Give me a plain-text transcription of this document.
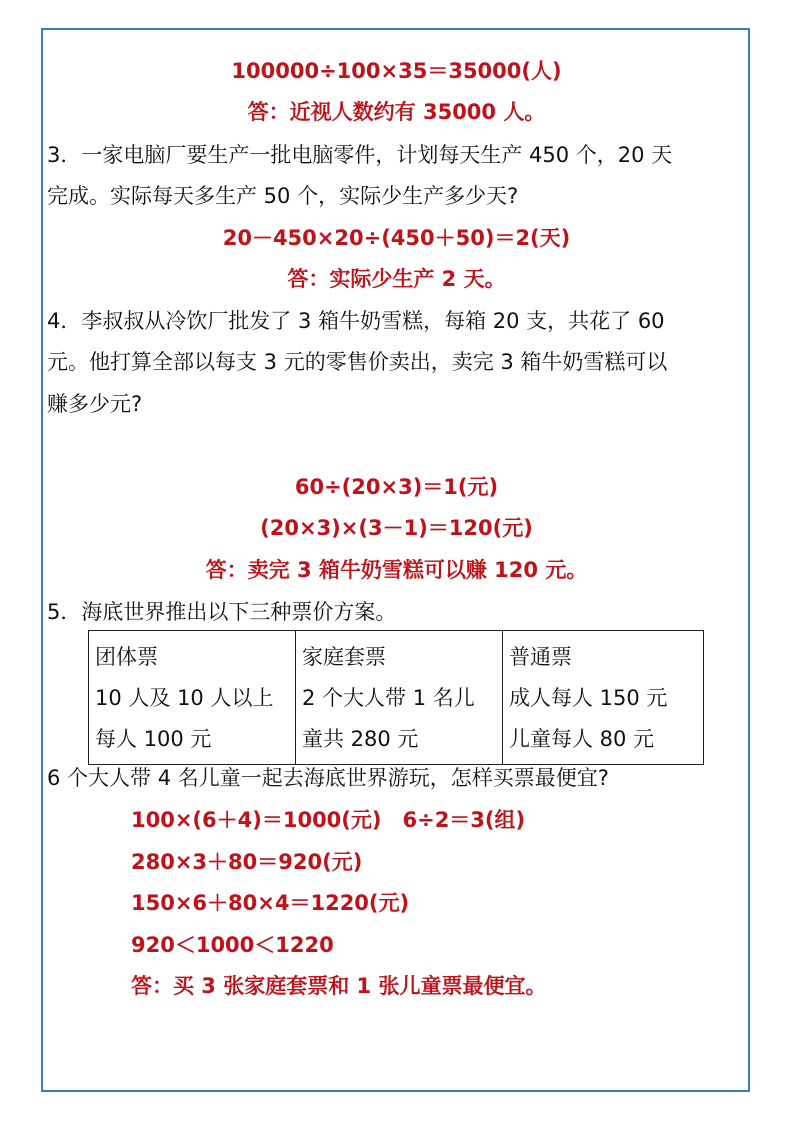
100000÷100×35＝35000(人)
答：近视人数约有 35000 人。
3．一家电脑厂要生产一批电脑零件，计划每天生产 450 个，20 天
完成。实际每天多生产 50 个，实际少生产多少天?
20－450×20÷(450＋50)＝2(天)
答：实际少生产 2 天。
4．李叔叔从冷饮厂批发了 3 箱牛奶雪糕，每箱 20 支，共花了 60
元。他打算全部以每支 3 元的零售价卖出，卖完 3 箱牛奶雪糕可以
赚多少元?
60÷(20×3)＝1(元)
(20×3)×(3－1)＝120(元)
答：卖完 3 箱牛奶雪糕可以赚 120 元。
5．海底世界推出以下三种票价方案。
团体票
10 人及 10 人以上
每人 100 元

家庭套票
2 个大人带 1 名儿
童共 280 元

普通票
成人每人 150 元
儿童每人 80 元
6 个大人带 4 名儿童一起去海底世界游玩，怎样买票最便宜?
100×(6＋4)＝1000(元)　6÷2＝3(组)
280×3＋80＝920(元)
150×6＋80×4＝1220(元)
920＜1000＜1220
答：买 3 张家庭套票和 1 张儿童票最便宜。
